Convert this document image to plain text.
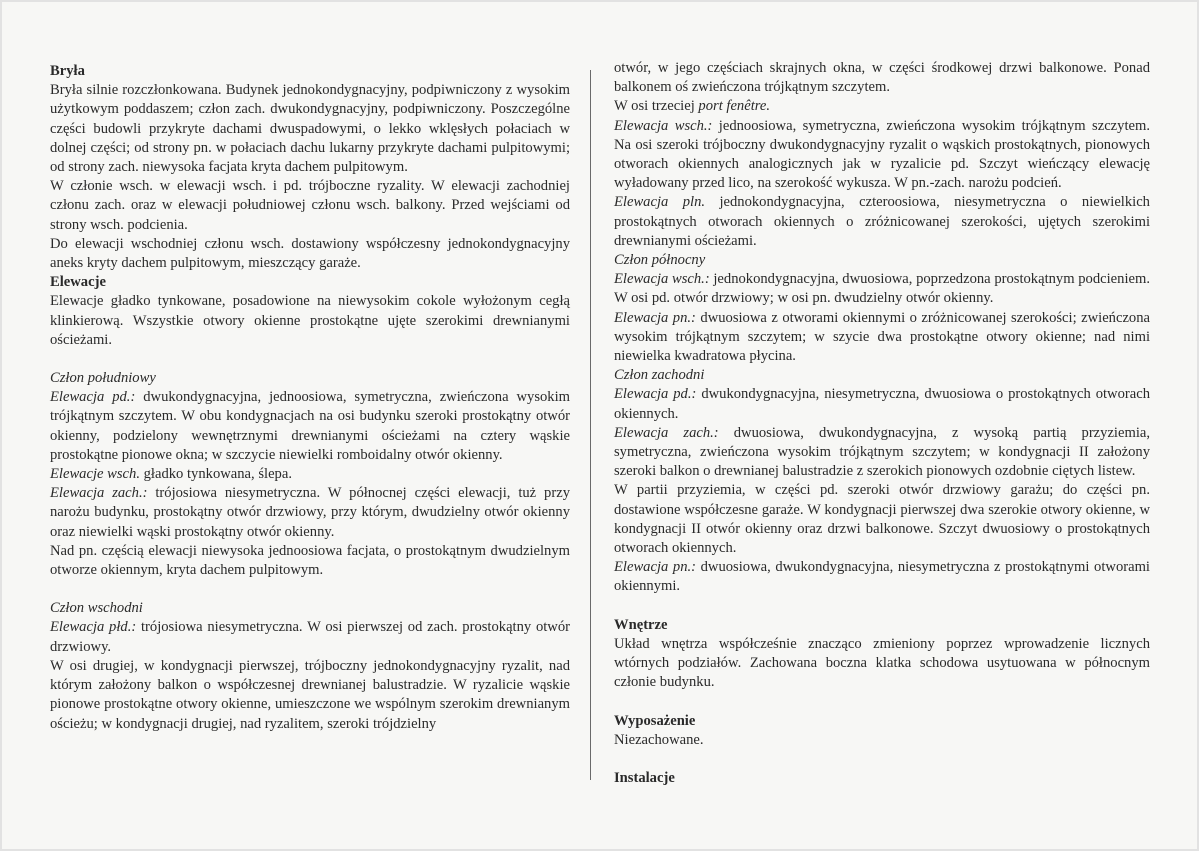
Bryła

Bryła silnie rozczłonkowana. Budynek jednokondygnacyjny, podpiwniczony z wysokim użytkowym poddaszem; człon zach. dwukondygnacyjny, podpiwniczony. Poszczególne części budowli przykryte dachami dwuspadowymi, o lekko wklęsłych połaciach w dolnej części; od strony pn. w połaciach dachu lukarny przykryte dachami pulpitowymi; od strony zach. niewysoka facjata kryta dachem pulpitowym.

W członie wsch. w elewacji wsch. i pd. trójboczne ryzality. W elewacji zachodniej członu zach. oraz w elewacji południowej członu wsch. balkony. Przed wejściami od strony wsch. podcienia.

Do elewacji wschodniej członu wsch. dostawiony współczesny jednokondygnacyjny aneks kryty dachem pulpitowym, mieszczący garaże.

Elewacje

Elewacje gładko tynkowane, posadowione na niewysokim cokole wyłożonym cegłą klinkierową. Wszystkie otwory okienne prostokątne ujęte szerokimi drewnianymi ościeżami.

Człon południowy

Elewacja pd.: dwukondygnacyjna, jednoosiowa, symetryczna, zwieńczona wysokim trójkątnym szczytem. W obu kondygnacjach na osi budynku szeroki prostokątny otwór okienny, podzielony wewnętrznymi drewnianymi ościeżami na cztery wąskie prostokątne pionowe okna; w szczycie niewielki romboidalny otwór okienny.

Elewacje wsch. gładko tynkowana, ślepa.

Elewacja zach.: trójosiowa niesymetryczna. W północnej części elewacji, tuż przy narożu budynku, prostokątny otwór drzwiowy, przy którym, dwudzielny otwór okienny oraz niewielki wąski prostokątny otwór okienny.

Nad pn. częścią elewacji niewysoka jednoosiowa facjata, o prostokątnym dwudzielnym otworze okiennym, kryta dachem pulpitowym.

Człon wschodni

Elewacja płd.: trójosiowa niesymetryczna. W osi pierwszej od zach. prostokątny otwór drzwiowy.

W osi drugiej, w kondygnacji pierwszej, trójboczny jednokondygnacyjny ryzalit, nad którym założony balkon o współczesnej drewnianej balustradzie. W ryzalicie wąskie pionowe prostokątne otwory okienne, umieszczone we wspólnym szerokim drewnianym ościeżu; w kondygnacji drugiej, nad ryzalitem, szeroki trójdzielny

otwór, w jego częściach skrajnych okna, w części środkowej drzwi balkonowe. Ponad balkonem oś zwieńczona trójkątnym szczytem.

W osi trzeciej port fenêtre.

Elewacja wsch.: jednoosiowa, symetryczna, zwieńczona wysokim trójkątnym szczytem. Na osi szeroki trójboczny dwukondygnacyjny ryzalit o wąskich prostokątnych, pionowych otworach okiennych analogicznych jak w ryzalicie pd. Szczyt wieńczący elewację wyładowany przed lico, na szerokość wykusza. W pn.-zach. narożu podcień.

Elewacja pln. jednokondygnacyjna, czteroosiowa, niesymetryczna o niewielkich prostokątnych otworach okiennych o zróżnicowanej szerokości, ujętych szerokimi drewnianymi ościeżami.

Człon północny

Elewacja wsch.: jednokondygnacyjna, dwuosiowa, poprzedzona prostokątnym podcieniem. W osi pd. otwór drzwiowy; w osi pn. dwudzielny otwór okienny.

Elewacja pn.: dwuosiowa z otworami okiennymi o zróżnicowanej szerokości; zwieńczona wysokim trójkątnym szczytem; w szycie dwa prostokątne otwory okienne; nad nimi niewielka kwadratowa płycina.

Człon zachodni

Elewacja pd.: dwukondygnacyjna, niesymetryczna, dwuosiowa o prostokątnych otworach okiennych.

Elewacja zach.: dwuosiowa, dwukondygnacyjna, z wysoką partią przyziemia, symetryczna, zwieńczona wysokim trójkątnym szczytem; w kondygnacji II założony szeroki balkon o drewnianej balustradzie z szerokich pionowych ozdobnie ciętych listew.

W partii przyziemia, w części pd. szeroki otwór drzwiowy garażu; do części pn. dostawione współczesne garaże. W kondygnacji pierwszej dwa szerokie otwory okienne, w kondygnacji II otwór okienny oraz drzwi balkonowe. Szczyt dwuosiowy o prostokątnych otworach okiennych.

Elewacja pn.: dwuosiowa, dwukondygnacyjna, niesymetryczna z prostokątnymi otworami okiennymi.

Wnętrze

Układ wnętrza współcześnie znacząco zmieniony poprzez wprowadzenie licznych wtórnych podziałów. Zachowana boczna klatka schodowa usytuowana w północnym członie budynku.

Wyposażenie

Niezachowane.

Instalacje
